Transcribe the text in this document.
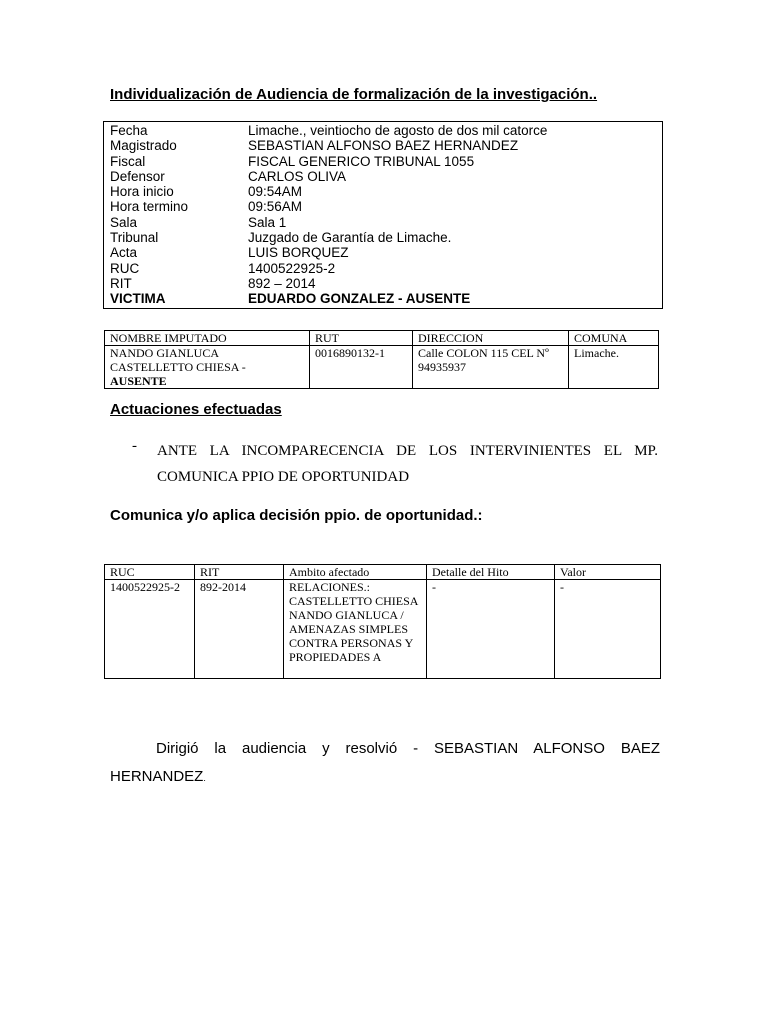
Individualización de Audiencia de formalización de la investigación..
Fecha	Limache., veintiocho de agosto de dos mil catorce
Magistrado	SEBASTIAN ALFONSO BAEZ HERNANDEZ
Fiscal	FISCAL GENERICO TRIBUNAL 1055
Defensor	CARLOS OLIVA
Hora inicio	09:54AM
Hora termino	09:56AM
Sala	Sala 1
Tribunal	Juzgado de Garantía de Limache.
Acta	LUIS BORQUEZ
RUC	1400522925-2
RIT	892 – 2014
VICTIMA	EDUARDO GONZALEZ - AUSENTE
NOMBRE IMPUTADO	RUT	DIRECCION	COMUNA
NANDO GIANLUCA CASTELLETTO CHIESA -
AUSENTE	0016890132-1	Calle COLON 115 CEL Nº 94935937	Limache.
Actuaciones efectuadas
- ANTE LA INCOMPARECENCIA DE LOS INTERVINIENTES EL MP. COMUNICA PPIO DE OPORTUNIDAD

Comunica y/o aplica decisión ppio. de oportunidad.:
RUC	RIT	Ambito afectado	Detalle del Hito	Valor
1400522925-2	892-2014	RELACIONES.: CASTELLETTO CHIESA NANDO GIANLUCA / AMENAZAS SIMPLES CONTRA PERSONAS Y PROPIEDADES A	-	-

Dirigió la audiencia y resolvió - SEBASTIAN ALFONSO BAEZ HERNANDEZ.
